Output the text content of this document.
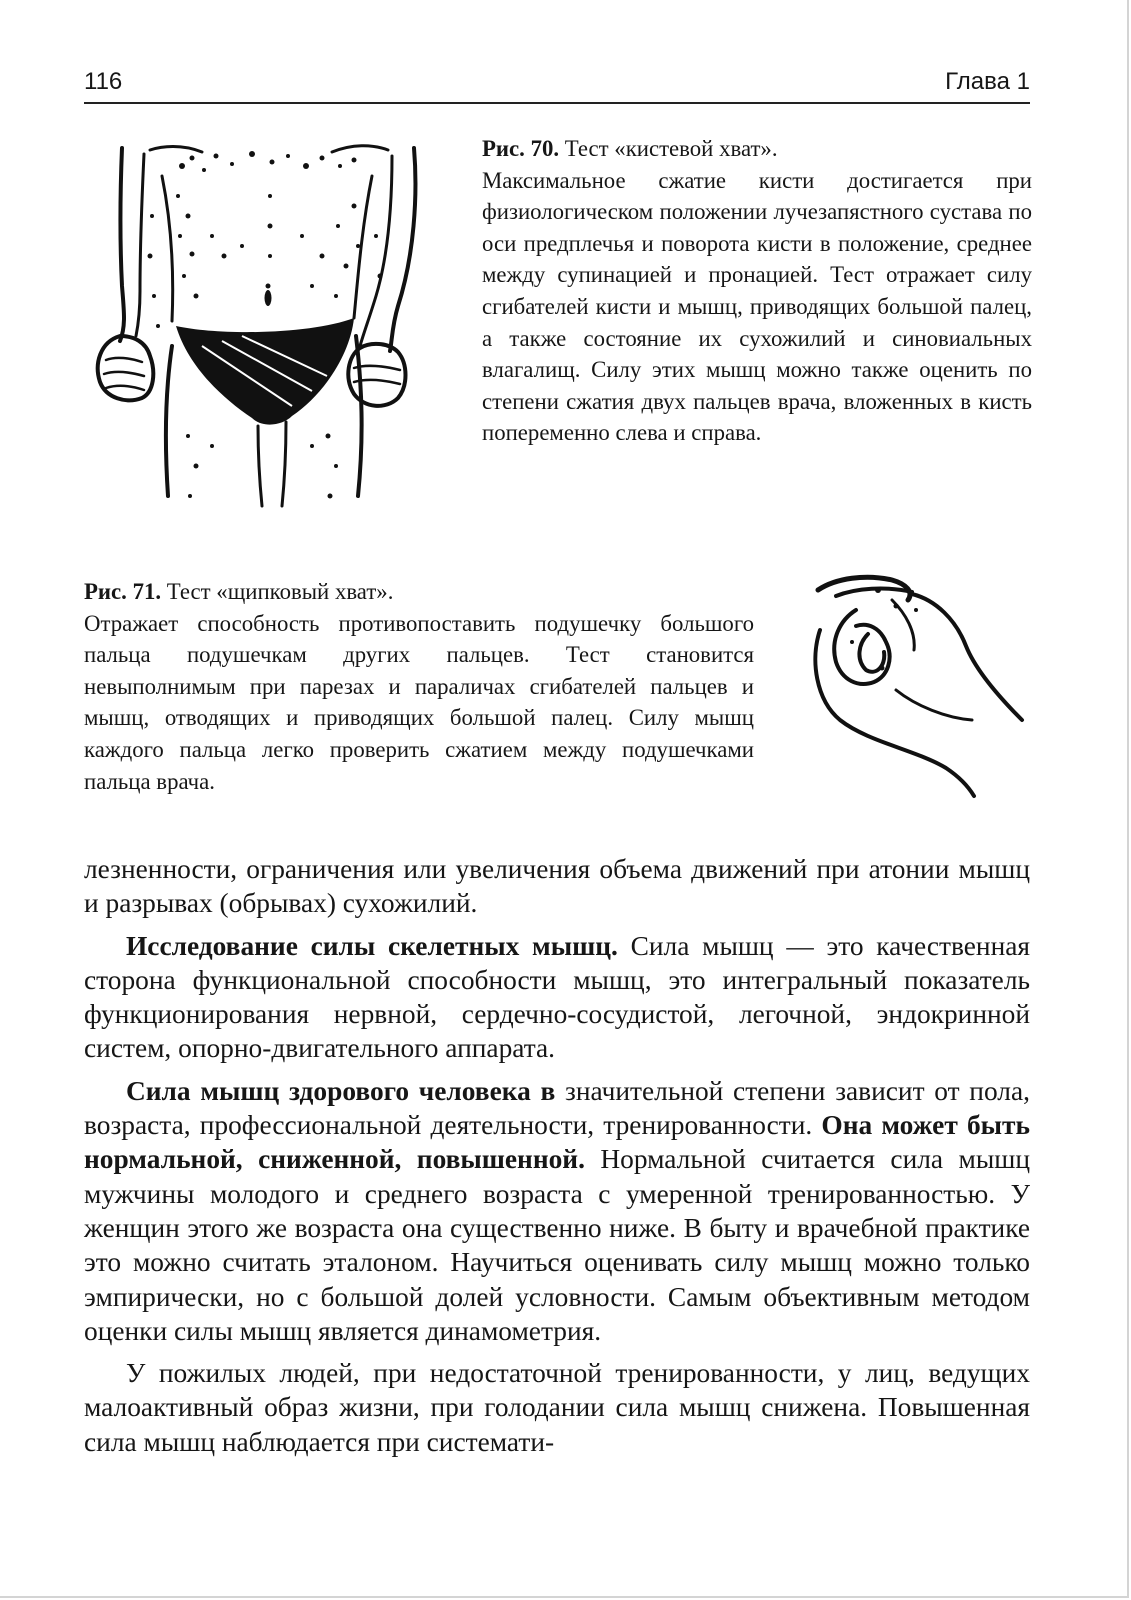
116	Глава 1
Рис. 70. Тест «кистевой хват».
Максимальное сжатие кисти достигается при физиологическом положении лучезапястного сустава по оси предплечья и поворота кисти в положение, среднее между супинацией и пронацией. Тест отражает силу сгибателей кисти и мышц, приводящих большой палец, а также состояние их сухожилий и синовиальных влагалищ. Силу этих мышц можно также оценить по степени сжатия двух пальцев врача, вложенных в кисть попеременно слева и справа.
Рис. 71. Тест «щипковый хват».
Отражает способность противопоставить подушечку большого пальца подушечкам других пальцев. Тест становится невыполнимым при парезах и параличах сгибателей пальцев и мышц, отводящих и приводящих большой палец. Силу мышц каждого пальца легко проверить сжатием между подушечками пальца врача.

лезненности, ограничения или увеличения объема движений при атонии мышц и разрывах (обрывах) сухожилий.

Исследование силы скелетных мышц. Сила мышц — это качественная сторона функциональной способности мышц, это интегральный показатель функционирования нервной, сердечно-сосудистой, легочной, эндокринной систем, опорно-двигательного аппарата.

Сила мышц здорового человека в значительной степени зависит от пола, возраста, профессиональной деятельности, тренированности. Она может быть нормальной, сниженной, повышенной. Нормальной считается сила мышц мужчины молодого и среднего возраста с умеренной тренированностью. У женщин этого же возраста она существенно ниже. В быту и врачебной практике это можно считать эталоном. Научиться оценивать силу мышц можно только эмпирически, но с большой долей условности. Самым объективным методом оценки силы мышц является динамометрия.

У пожилых людей, при недостаточной тренированности, у лиц, ведущих малоактивный образ жизни, при голодании сила мышц снижена. Повышенная сила мышц наблюдается при системати-
